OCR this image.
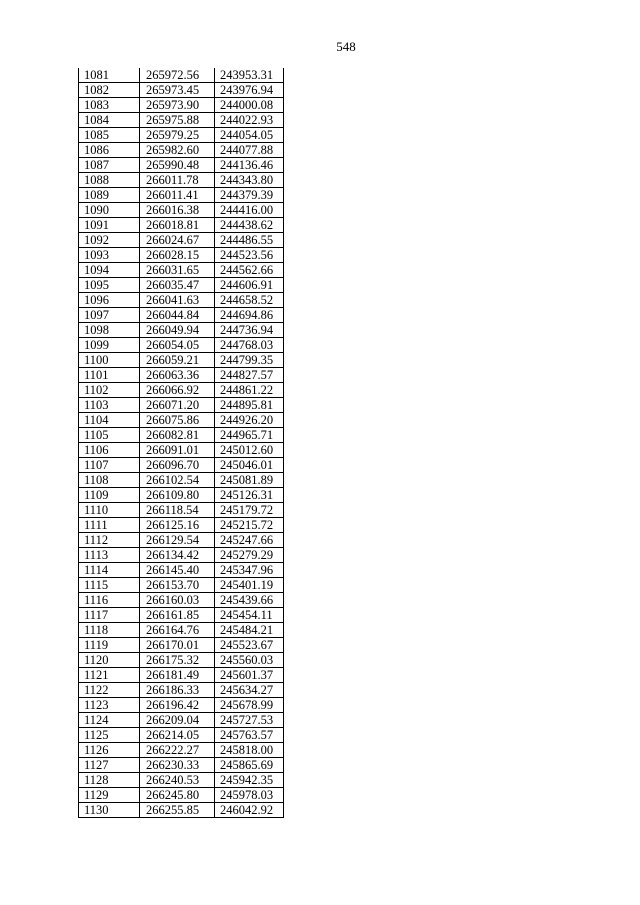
548
1081	265972.56	243953.31
1082	265973.45	243976.94
1083	265973.90	244000.08
1084	265975.88	244022.93
1085	265979.25	244054.05
1086	265982.60	244077.88
1087	265990.48	244136.46
1088	266011.78	244343.80
1089	266011.41	244379.39
1090	266016.38	244416.00
1091	266018.81	244438.62
1092	266024.67	244486.55
1093	266028.15	244523.56
1094	266031.65	244562.66
1095	266035.47	244606.91
1096	266041.63	244658.52
1097	266044.84	244694.86
1098	266049.94	244736.94
1099	266054.05	244768.03
1100	266059.21	244799.35
1101	266063.36	244827.57
1102	266066.92	244861.22
1103	266071.20	244895.81
1104	266075.86	244926.20
1105	266082.81	244965.71
1106	266091.01	245012.60
1107	266096.70	245046.01
1108	266102.54	245081.89
1109	266109.80	245126.31
1110	266118.54	245179.72
1111	266125.16	245215.72
1112	266129.54	245247.66
1113	266134.42	245279.29
1114	266145.40	245347.96
1115	266153.70	245401.19
1116	266160.03	245439.66
1117	266161.85	245454.11
1118	266164.76	245484.21
1119	266170.01	245523.67
1120	266175.32	245560.03
1121	266181.49	245601.37
1122	266186.33	245634.27
1123	266196.42	245678.99
1124	266209.04	245727.53
1125	266214.05	245763.57
1126	266222.27	245818.00
1127	266230.33	245865.69
1128	266240.53	245942.35
1129	266245.80	245978.03
1130	266255.85	246042.92
